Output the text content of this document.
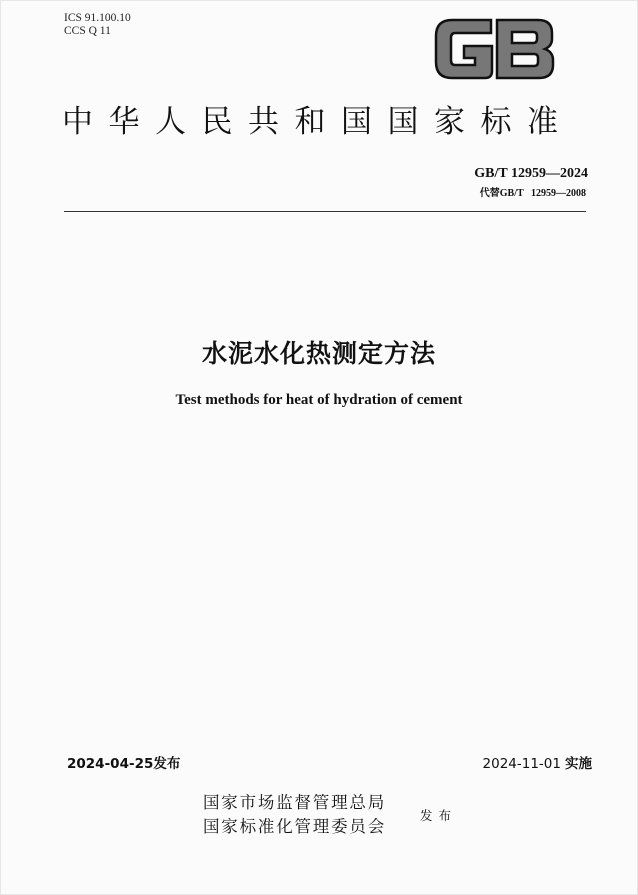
ICS 91.100.10
CCS Q 11
中华人民共和国国家标准
GB/T 12959—2024
代替GB/T   12959—2008
水泥水化热测定方法
Test methods for heat of hydration of cement
2024-04-25发布	2024-11-01 实施
国家市场监督管理总局
国家标准化管理委员会
发布
